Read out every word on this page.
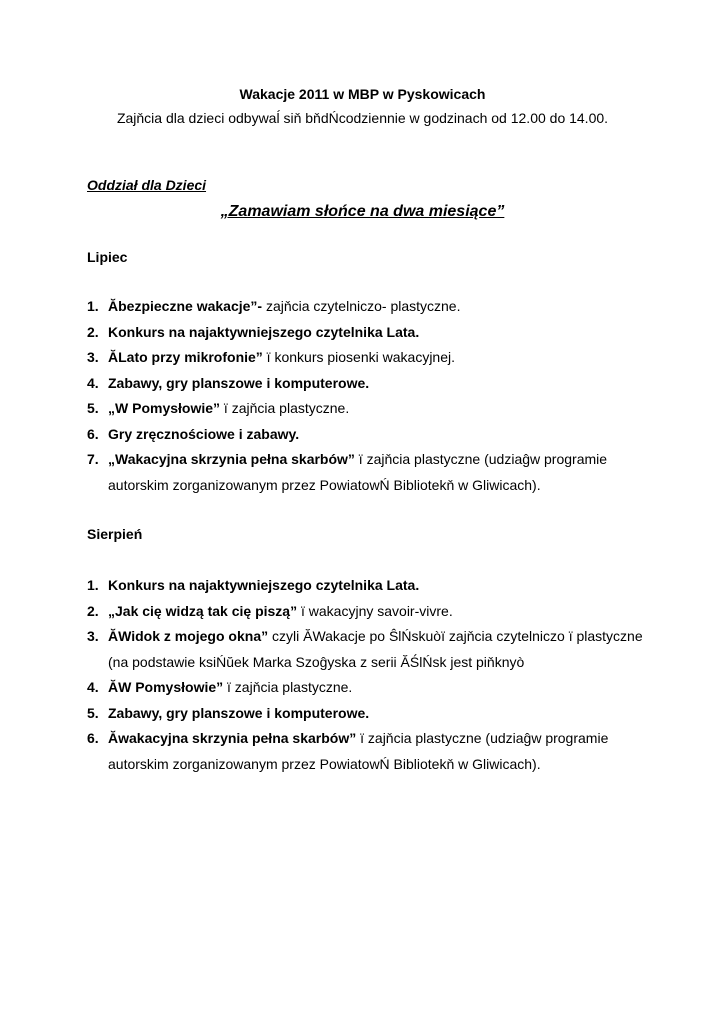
Wakacje 2011 w MBP w Pyskowicach
Zajňcia dla dzieci odbywaĺ siň bňdŃcodziennie w godzinach od 12.00 do 14.00.
Oddział dla Dzieci
„Zamawiam słońce na dwa miesiące”
Lipiec
1. Ăbezpieczne wakacje”- zajňcia czytelniczo- plastyczne.
2. Konkurs na najaktywniejszego czytelnika Lata.
3. ĂLato przy mikrofonie” ï konkurs piosenki wakacyjnej.
4. Zabawy, gry planszowe i komputerowe.
5. „W Pomysłowie” ï zajňcia plastyczne.
6. Gry zręcznościowe i zabawy.
7. „Wakacyjna skrzynia pełna skarbów” ï zajňcia plastyczne (udziaĝw programie autorskim zorganizowanym przez PowiatowŃ Bibliotekň w Gliwicach).
Sierpień
1. Konkurs na najaktywniejszego czytelnika Lata.
2. „Jak cię widzą tak cię piszą” ï wakacyjny savoir-vivre.
3. ĂWidok z mojego okna” czyli ĂWakacje po ŜlŃskuòï zajňcia czytelniczo ï plastyczne (na podstawie ksiŃŭek Marka Szoĝyska z serii ĂŚlŃsk jest piňknyò
4. ĂW Pomysłowie” ï zajňcia plastyczne.
5. Zabawy, gry planszowe i komputerowe.
6. Ăwakacyjna skrzynia pełna skarbów” ï zajňcia plastyczne (udziaĝw programie autorskim zorganizowanym przez PowiatowŃ Bibliotekň w Gliwicach).
